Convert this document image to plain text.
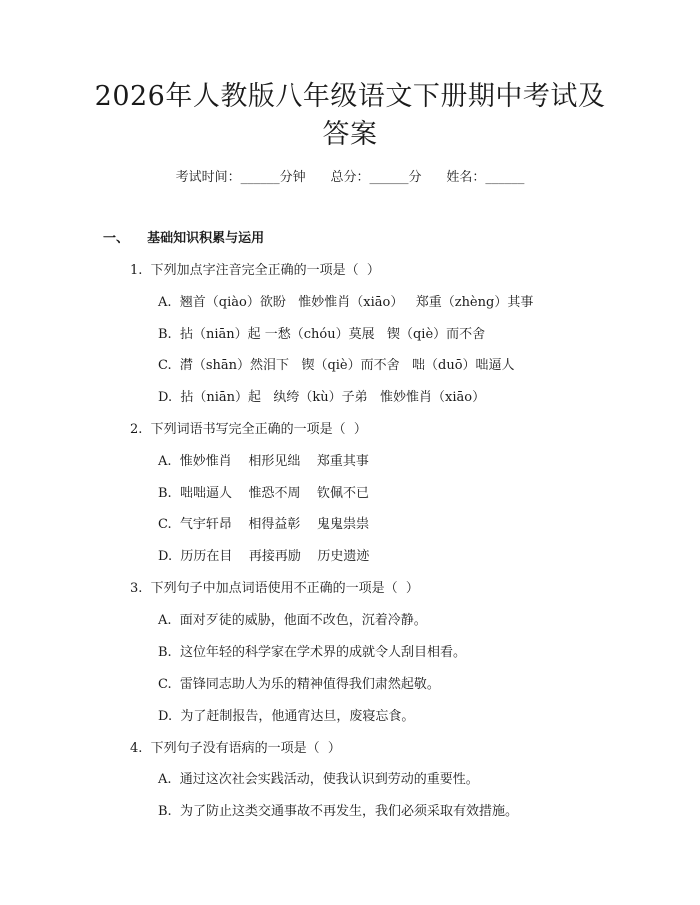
2026年人教版八年级语文下册期中考试及答案
考试时间：______分钟 总分：______分 姓名：______
一、 基础知识积累与运用
1. 下列加点字注音完全正确的一项是（  ）
A. 翘首（qiào）欲盼   惟妙惟肖（xiāo）   郑重（zhèng）其事
B. 拈（niān）起 一愁（chóu）莫展   锲（qiè）而不舍
C. 潸（shān）然泪下   锲（qiè）而不舍   咄（duō）咄逼人
D. 拈（niān）起   纨绔（kù）子弟   惟妙惟肖（xiāo）
2. 下列词语书写完全正确的一项是（  ）
A. 惟妙惟肖    相形见绌    郑重其事
B. 咄咄逼人    惟恐不周    钦佩不已
C. 气宇轩昂    相得益彰    鬼鬼祟祟
D. 历历在目    再接再励    历史遗迹
3. 下列句子中加点词语使用不正确的一项是（  ）
A. 面对歹徒的威胁，他面不改色，沉着冷静。
B. 这位年轻的科学家在学术界的成就令人刮目相看。
C. 雷锋同志助人为乐的精神值得我们肃然起敬。
D. 为了赶制报告，他通宵达旦，废寝忘食。
4. 下列句子没有语病的一项是（  ）
A. 通过这次社会实践活动，使我认识到劳动的重要性。
B. 为了防止这类交通事故不再发生，我们必须采取有效措施。
